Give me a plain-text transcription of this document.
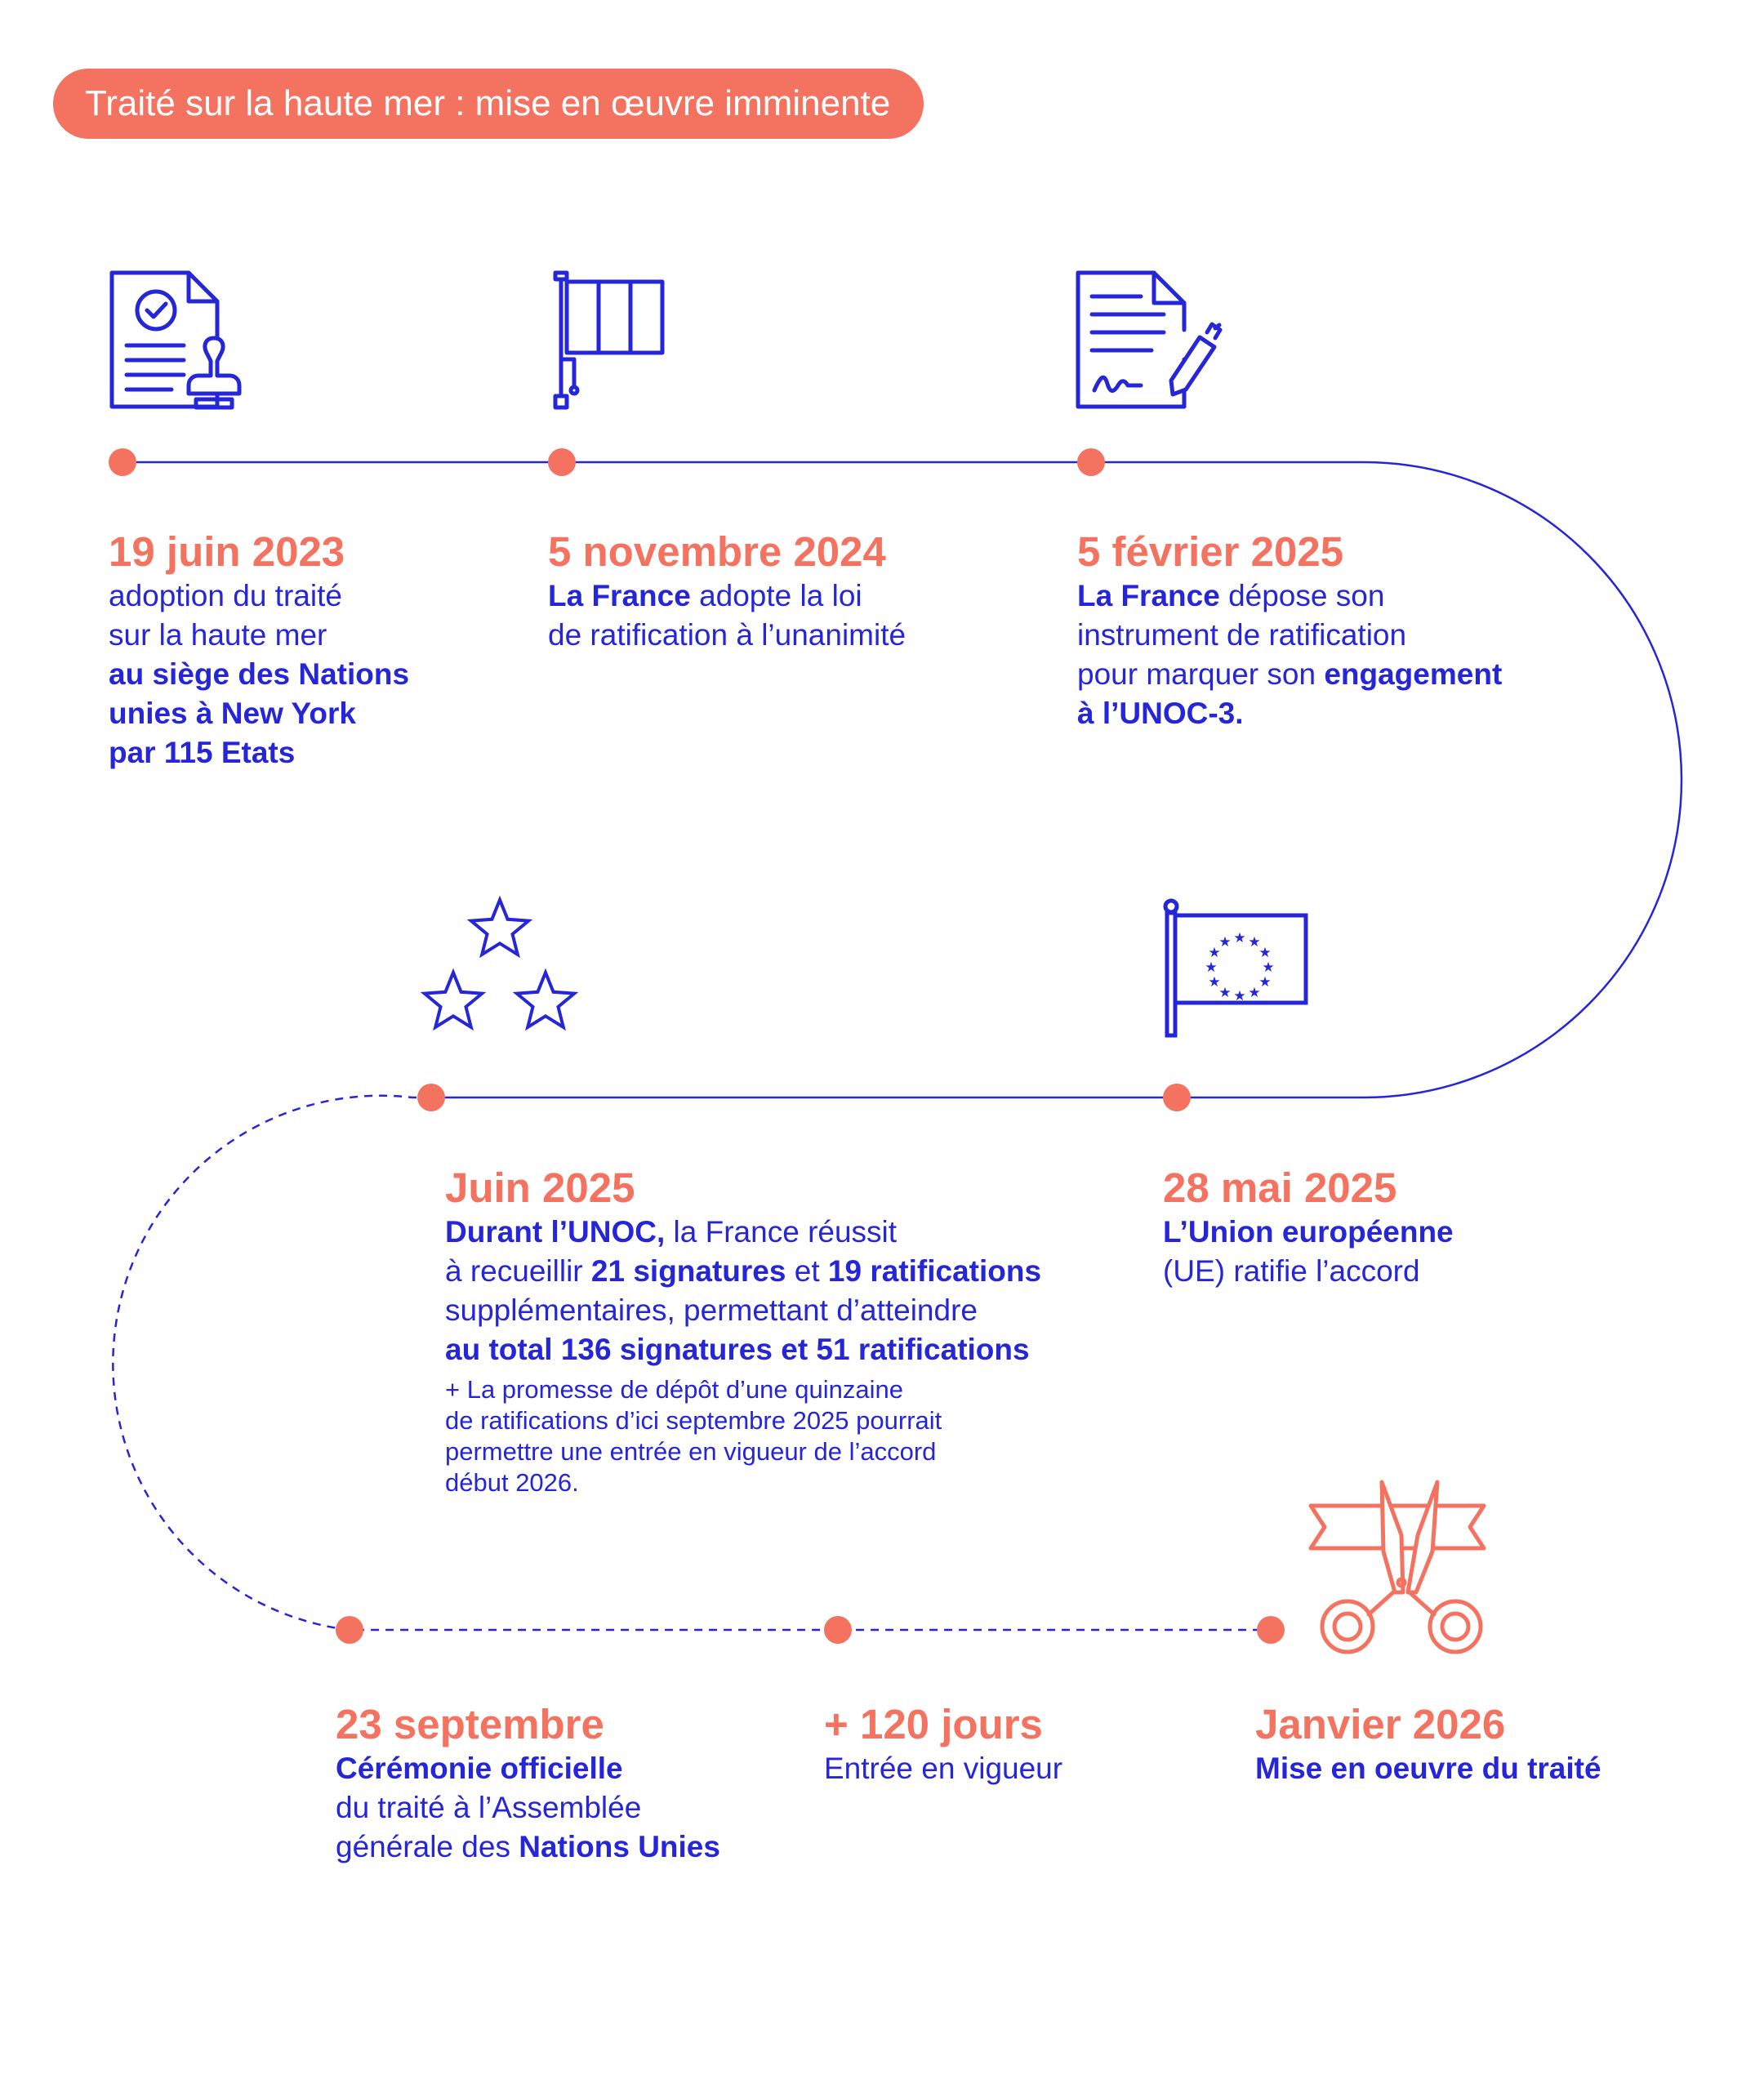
★ ★
★
★
★
★
★
★
★
★
★
★
Traité sur la haute mer : mise en œuvre imminente
19 juin 2023
adoption du traité
sur la haute mer
au siège des Nations
unies à New York
par 115 Etats
5 novembre 2024
La France adopte la loi
de ratification à l’unanimité
5 février 2025
La France dépose son
instrument de ratification
pour marquer son engagement
à l’UNOC-3.
28 mai 2025
L’Union européenne
(UE) ratifie l’accord
Juin 2025
Durant l’UNOC, la France réussit
à recueillir 21 signatures et 19 ratifications
supplémentaires, permettant d’atteindre
au total 136 signatures et 51 ratifications
+ La promesse de dépôt d’une quinzaine
de ratifications d’ici septembre 2025 pourrait
permettre une entrée en vigueur de l’accord
début 2026.
23 septembre
Cérémonie officielle
du traité à l’Assemblée
générale des Nations Unies
+ 120 jours
Entrée en vigueur
Janvier 2026
Mise en oeuvre du traité
